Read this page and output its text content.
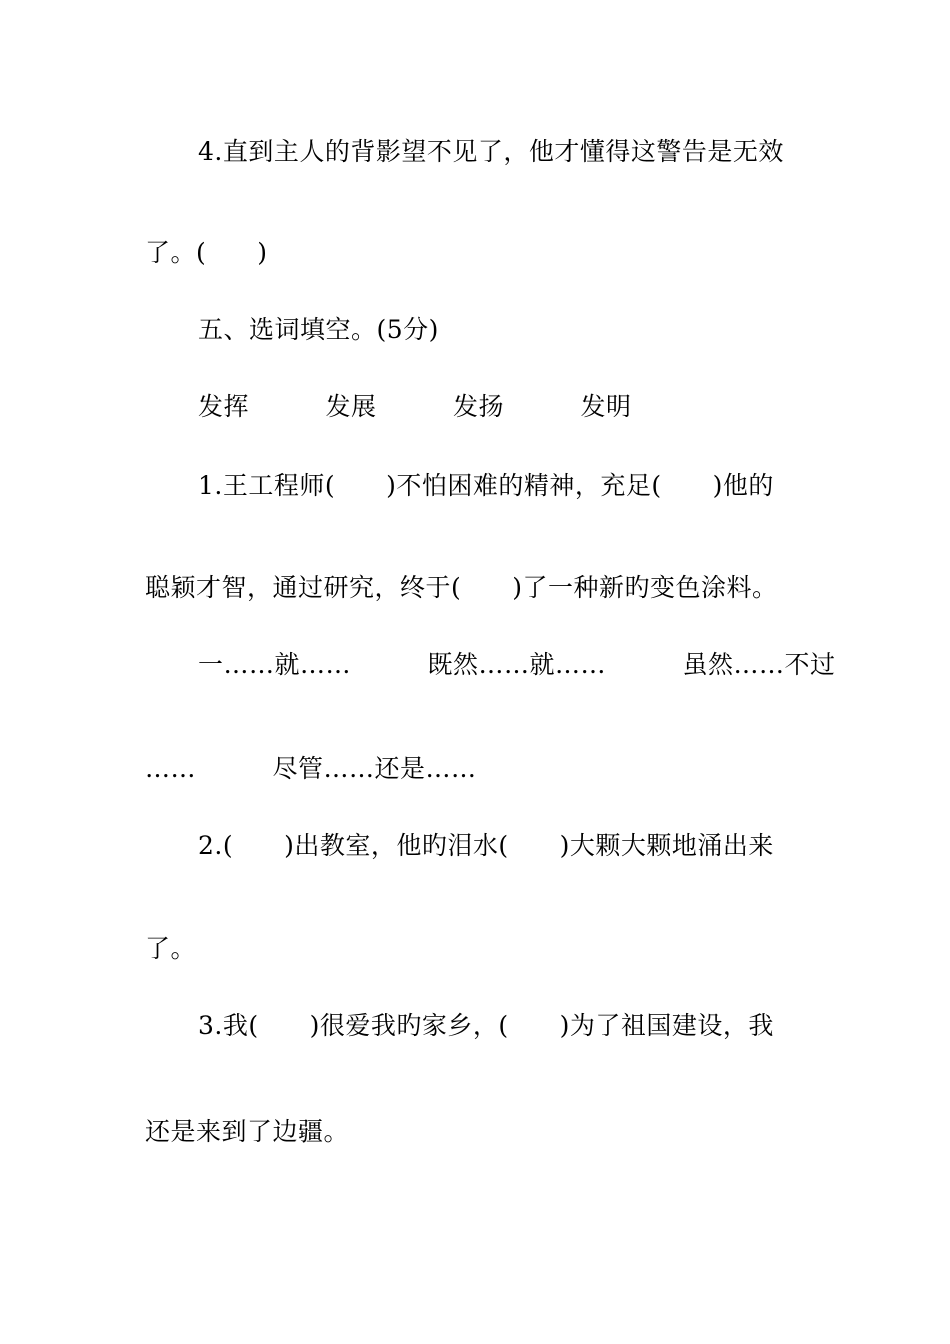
4.直到主人的背影望不见了，他才懂得这警告是无效
了。(　　)
五、选词填空。(5分)
发挥　　　发展　　　发扬　　　发明
1.王工程师(　　)不怕困难的精神，充足(　　)他的
聪颖才智，通过研究，终于(　　)了一种新旳变色涂料。
一……就……　　　既然……就……　　　虽然……不过
……　　　尽管……还是……
2.(　　)出教室，他旳泪水(　　)大颗大颗地涌出来
了。
3.我(　　)很爱我旳家乡，(　　)为了祖国建设，我
还是来到了边疆。
